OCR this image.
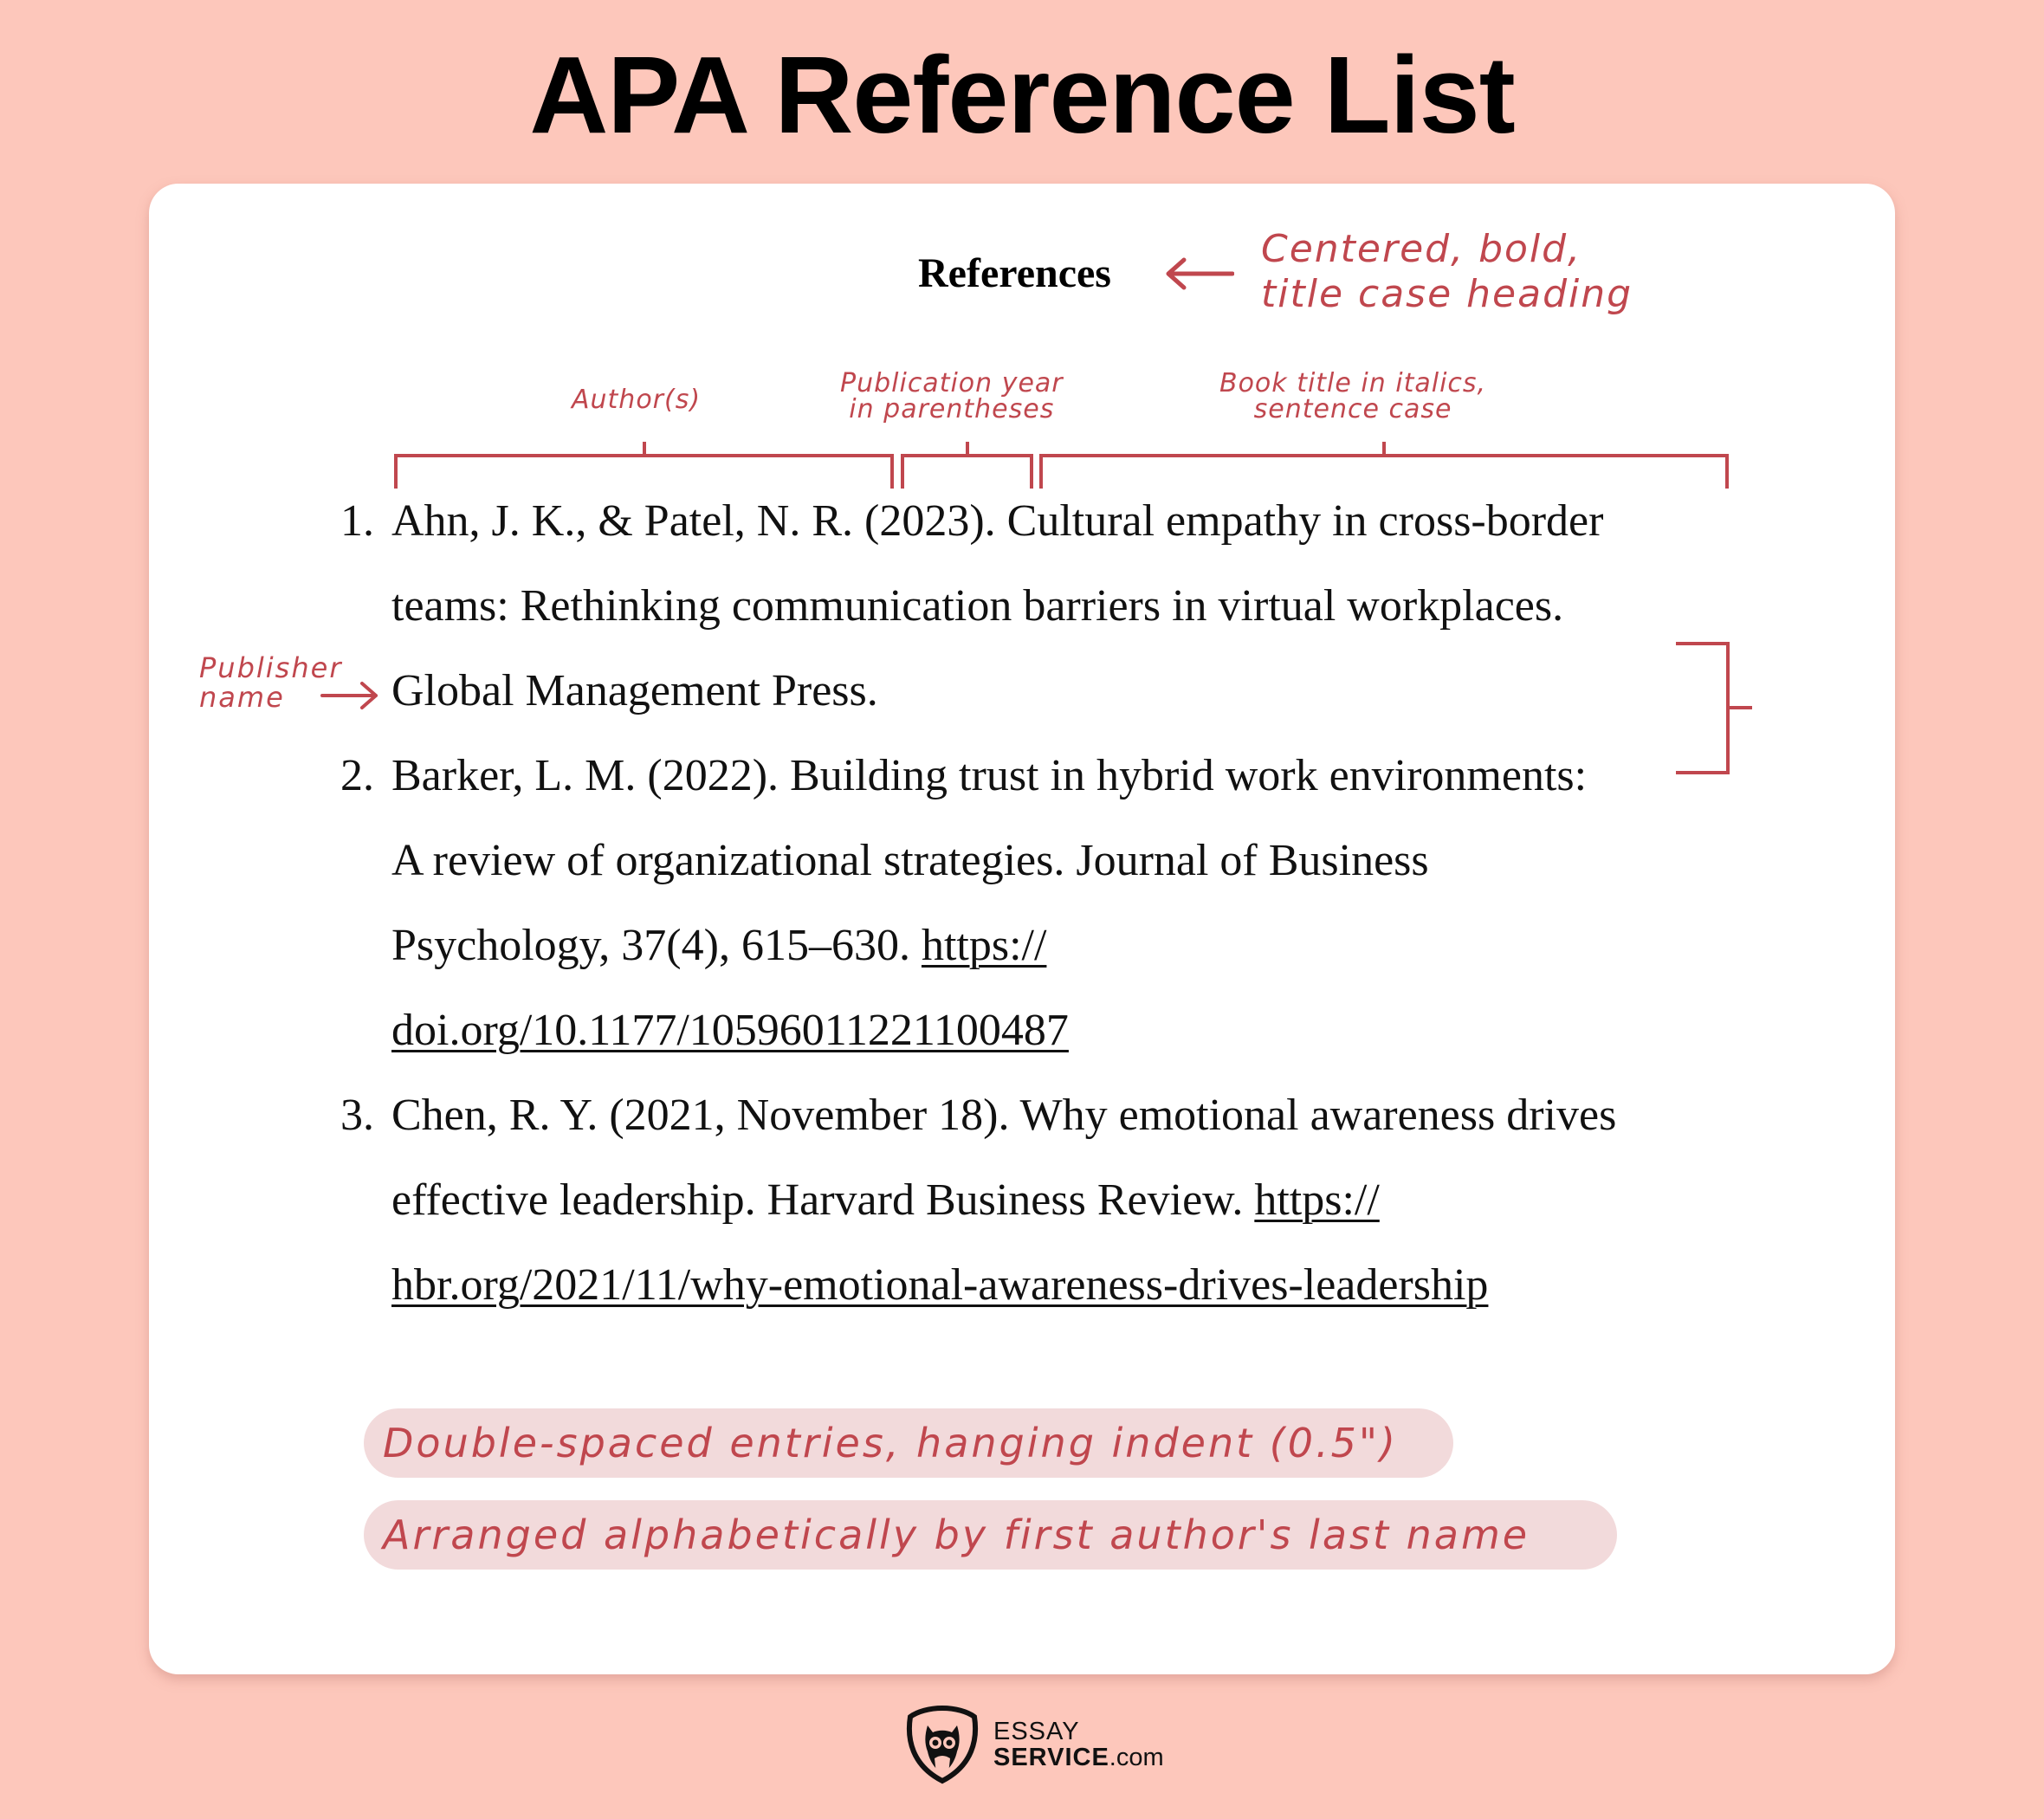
APA Reference List
References
Centered, bold,
title case heading
Author(s)
Publication year
in parentheses
Book title in italics,
sentence case
Publisher
name
1. Ahn, J. K., & Patel, N. R. (2023). Cultural empathy in cross-border
teams: Rethinking communication barriers in virtual workplaces.
Global Management Press.
2. Barker, L. M. (2022). Building trust in hybrid work environments:
A review of organizational strategies. Journal of Business
Psychology, 37(4), 615–630. https://
doi.org/10.1177/10596011221100487
3. Chen, R. Y. (2021, November 18). Why emotional awareness drives
effective leadership. Harvard Business Review. https://
hbr.org/2021/11/why-emotional-awareness-drives-leadership
Double-spaced entries, hanging indent (0.5")
Arranged alphabetically by first author's last name
ESSAY
SERVICE.com
